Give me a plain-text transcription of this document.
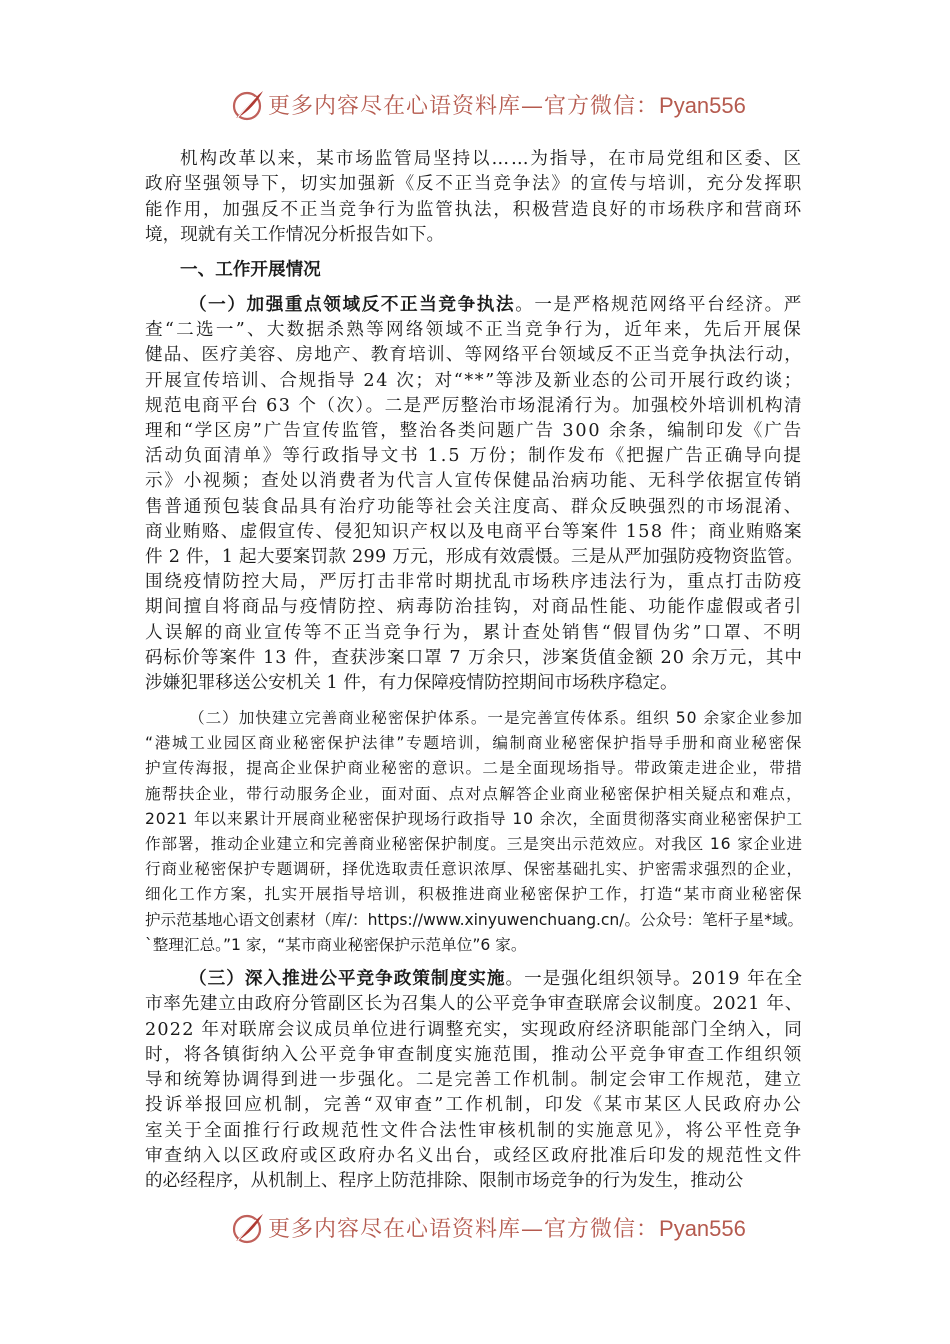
更多内容尽在心语资料库—官方微信：Pyan556
机构改革以来，某市场监管局坚持以……为指导，在市局党组和区委、区
政府坚强领导下，切实加强新《反不正当竞争法》的宣传与培训，充分发挥职
能作用，加强反不正当竞争行为监管执法，积极营造良好的市场秩序和营商环
境，现就有关工作情况分析报告如下。
一、工作开展情况
（一）加强重点领域反不正当竞争执法。一是严格规范网络平台经济。严
查“二选一”、大数据杀熟等网络领域不正当竞争行为，近年来，先后开展保
健品、医疗美容、房地产、教育培训、等网络平台领域反不正当竞争执法行动，
开展宣传培训、合规指导 24 次；对“**”等涉及新业态的公司开展行政约谈；
规范电商平台 63 个（次）。二是严厉整治市场混淆行为。加强校外培训机构清
理和“学区房”广告宣传监管，整治各类问题广告 300 余条，编制印发《广告
活动负面清单》等行政指导文书 1.5 万份；制作发布《把握广告正确导向提
示》小视频；查处以消费者为代言人宣传保健品治病功能、无科学依据宣传销
售普通预包装食品具有治疗功能等社会关注度高、群众反映强烈的市场混淆、
商业贿赂、虚假宣传、侵犯知识产权以及电商平台等案件 158 件；商业贿赂案
件 2 件，1 起大要案罚款 299 万元，形成有效震慑。三是从严加强防疫物资监管。
围绕疫情防控大局，严厉打击非常时期扰乱市场秩序违法行为，重点打击防疫
期间擅自将商品与疫情防控、病毒防治挂钩，对商品性能、功能作虚假或者引
人误解的商业宣传等不正当竞争行为，累计查处销售“假冒伪劣”口罩、不明
码标价等案件 13 件，查获涉案口罩 7 万余只，涉案货值金额 20 余万元，其中
涉嫌犯罪移送公安机关 1 件，有力保障疫情防控期间市场秩序稳定。
（二）加快建立完善商业秘密保护体系。一是完善宣传体系。组织 50 余家企业参加
“港城工业园区商业秘密保护法律”专题培训，编制商业秘密保护指导手册和商业秘密保
护宣传海报，提高企业保护商业秘密的意识。二是全面现场指导。带政策走进企业，带措
施帮扶企业，带行动服务企业，面对面、点对点解答企业商业秘密保护相关疑点和难点，
2021 年以来累计开展商业秘密保护现场行政指导 10 余次，全面贯彻落实商业秘密保护工
作部署，推动企业建立和完善商业秘密保护制度。三是突出示范效应。对我区 16 家企业进
行商业秘密保护专题调研，择优选取责任意识浓厚、保密基础扎实、护密需求强烈的企业，
细化工作方案，扎实开展指导培训，积极推进商业秘密保护工作，打造“某市商业秘密保
护示范基地心语文创素材（库/：https://www.xinyuwenchuang.cn/。公众号：笔杆子星*域。
`整理汇总。”1 家，“某市商业秘密保护示范单位”6 家。
（三）深入推进公平竞争政策制度实施。一是强化组织领导。2019 年在全
市率先建立由政府分管副区长为召集人的公平竞争审查联席会议制度。2021 年、
2022 年对联席会议成员单位进行调整充实，实现政府经济职能部门全纳入，同
时，将各镇街纳入公平竞争审查制度实施范围，推动公平竞争审查工作组织领
导和统筹协调得到进一步强化。二是完善工作机制。制定会审工作规范，建立
投诉举报回应机制，完善“双审查”工作机制，印发《某市某区人民政府办公
室关于全面推行行政规范性文件合法性审核机制的实施意见》，将公平性竞争
审查纳入以区政府或区政府办名义出台，或经区政府批准后印发的规范性文件
的必经程序，从机制上、程序上防范排除、限制市场竞争的行为发生，推动公
更多内容尽在心语资料库—官方微信：Pyan556
